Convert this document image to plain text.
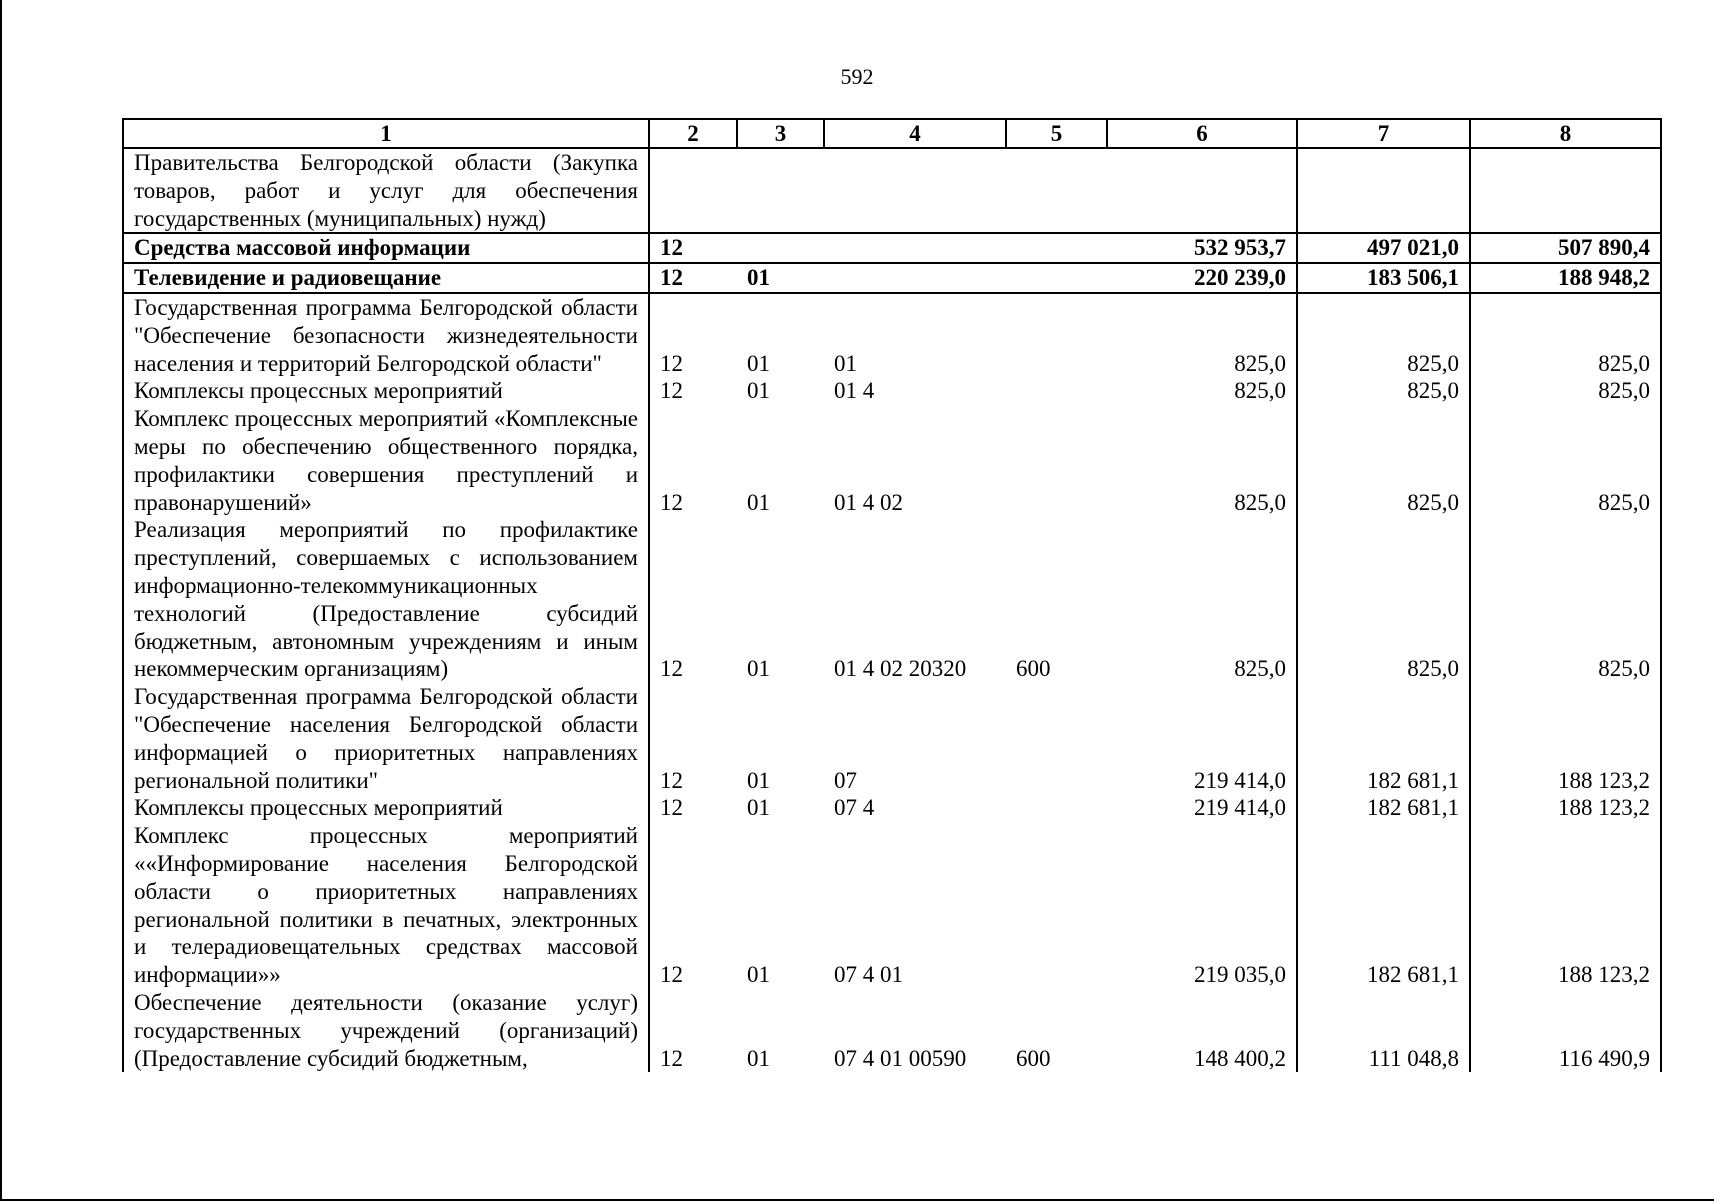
592
1	2	3	4	5	6	7	8
Правительства Белгородской области (Закупка товаров, работ и услуг для обеспечения государственных (муниципальных) нужд)							
Средства массовой информации	12				532 953,7	497 021,0	507 890,4
Телевидение и радиовещание	12	01			220 239,0	183 506,1	188 948,2
Государственная программа Белгородской области "Обеспечение безопасности жизнедеятельности населения и территорий Белгородской области"	12	01	01		825,0	825,0	825,0
Комплексы процессных мероприятий	12	01	01 4		825,0	825,0	825,0
Комплекс процессных мероприятий «Комплексные меры по обеспечению общественного порядка, профилактики совершения преступлений и правонарушений»	12	01	01 4 02		825,0	825,0	825,0
Реализация мероприятий по профилактике преступлений, совершаемых с использованием информационно-телекоммуникационных технологий (Предоставление субсидий бюджетным, автономным учреждениям и иным некоммерческим организациям)	12	01	01 4 02 20320	600	825,0	825,0	825,0
Государственная программа Белгородской области "Обеспечение населения Белгородской области информацией о приоритетных направлениях региональной политики"	12	01	07		219 414,0	182 681,1	188 123,2
Комплексы процессных мероприятий	12	01	07 4		219 414,0	182 681,1	188 123,2
Комплекс процессных мероприятий ««Информирование населения Белгородской области о приоритетных направлениях региональной политики в печатных, электронных и телерадиовещательных средствах массовой информации»»	12	01	07 4 01		219 035,0	182 681,1	188 123,2
Обеспечение деятельности (оказание услуг) государственных учреждений (организаций) (Предоставление субсидий бюджетным,	12	01	07 4 01 00590	600	148 400,2	111 048,8	116 490,9
